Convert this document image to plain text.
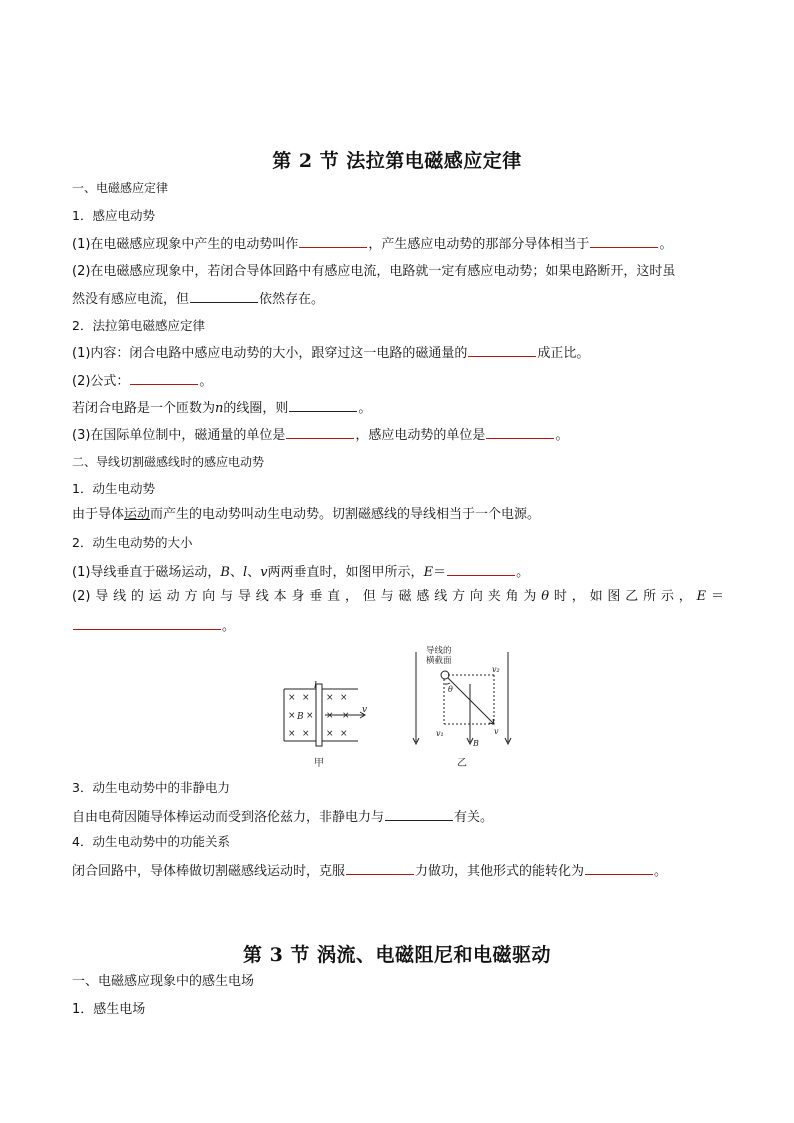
第 2 节 法拉第电磁感应定律
一、电磁感应定律
1．感应电动势
(1)在电磁感应现象中产生的电动势叫作	，产生感应电动势的那部分导体相当于	。
(2)在电磁感应现象中，若闭合导体回路中有感应电流，电路就一定有感应电动势；如果电路断开，这时虽
然没有感应电流，但	依然存在。
2．法拉第电磁感应定律
(1)内容：闭合电路中感应电动势的大小，跟穿过这一电路的磁通量的	成正比。
(2)公式：	。
若闭合电路是一个匝数为n的线圈，则	。
(3)在国际单位制中，磁通量的单位是	，感应电动势的单位是	。
二、导线切割磁感线时的感应电动势
1．动生电动势
由于导体运动而产生的电动势叫动生电动势。切割磁感线的导线相当于一个电源。
2．动生电动势的大小
(1)导线垂直于磁场运动，B、l、v两两垂直时，如图甲所示，E＝	。
(2)导线的运动方向与导线本身垂直，但与磁感线方向夹角为θ时，如图乙所示，E＝
。
× × × ×
× × × ×
× × × ×
l
B
v
甲
导线的
横截面
θ
v₂
v₁	v
B
乙
3．动生电动势中的非静电力
自由电荷因随导体棒运动而受到洛伦兹力，非静电力与	有关。
4．动生电动势中的功能关系
闭合回路中，导体棒做切割磁感线运动时，克服	力做功，其他形式的能转化为	。
第 3 节 涡流、电磁阻尼和电磁驱动
一、电磁感应现象中的感生电场
1．感生电场
